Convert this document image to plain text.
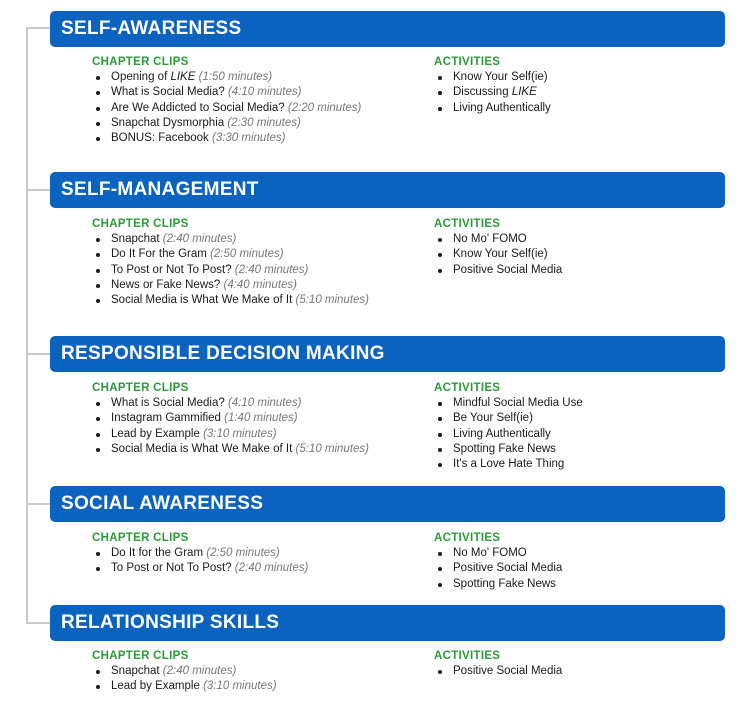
SELF-AWARENESS
CHAPTER CLIPS
Opening of LIKE (1:50 minutes)
What is Social Media? (4:10 minutes)
Are We Addicted to Social Media? (2:20 minutes)
Snapchat Dysmorphia (2:30 minutes)
BONUS: Facebook (3:30 minutes)
ACTIVITIES
Know Your Self(ie)
Discussing LIKE
Living Authentically
SELF-MANAGEMENT
CHAPTER CLIPS
Snapchat (2:40 minutes)
Do It For the Gram (2:50 minutes)
To Post or Not To Post? (2:40 minutes)
News or Fake News? (4:40 minutes)
Social Media is What We Make of It (5:10 minutes)
ACTIVITIES
No Mo' FOMO
Know Your Self(ie)
Positive Social Media
RESPONSIBLE DECISION MAKING
CHAPTER CLIPS
What is Social Media? (4:10 minutes)
Instagram Gammified (1:40 minutes)
Lead by Example (3:10 minutes)
Social Media is What We Make of It (5:10 minutes)
ACTIVITIES
Mindful Social Media Use
Be Your Self(ie)
Living Authentically
Spotting Fake News
It's a Love Hate Thing
SOCIAL AWARENESS
CHAPTER CLIPS
Do It for the Gram (2:50 minutes)
To Post or Not To Post? (2:40 minutes)
ACTIVITIES
No Mo' FOMO
Positive Social Media
Spotting Fake News
RELATIONSHIP SKILLS
CHAPTER CLIPS
Snapchat (2:40 minutes)
Lead by Example (3:10 minutes)
ACTIVITIES
Positive Social Media
